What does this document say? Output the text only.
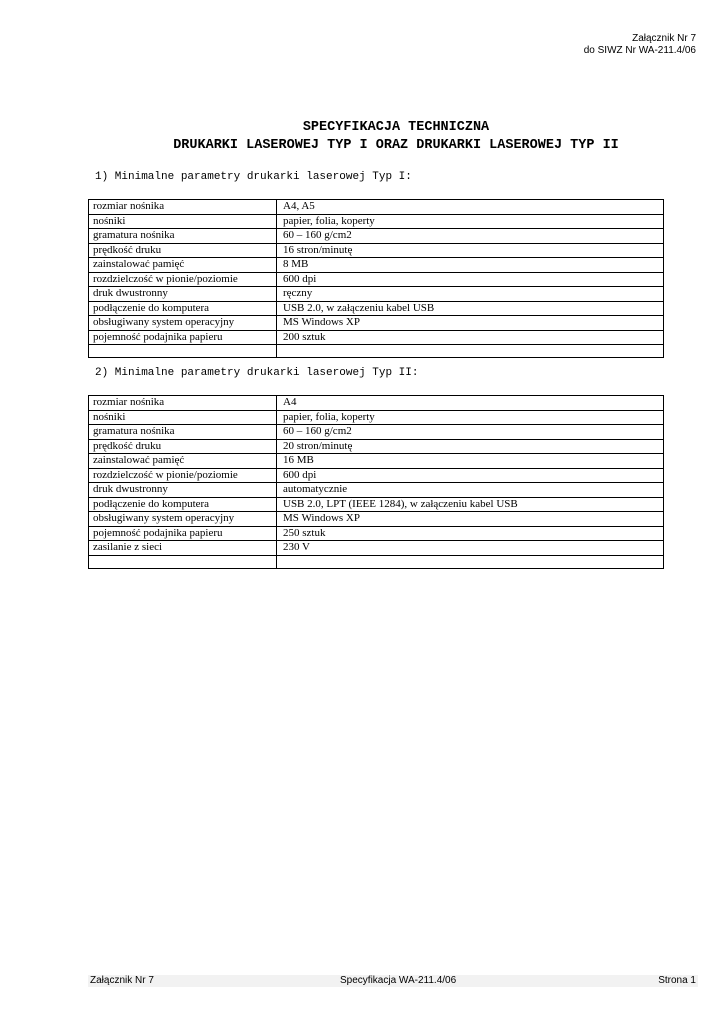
Załącznik Nr 7
do SIWZ Nr WA-211.4/06
SPECYFIKACJA TECHNICZNA
DRUKARKI LASEROWEJ TYP I ORAZ DRUKARKI LASEROWEJ TYP II
1) Minimalne parametry drukarki laserowej Typ I:
rozmiar nośnika	A4, A5
nośniki	papier, folia, koperty
gramatura nośnika	60 – 160 g/cm2
prędkość druku	16 stron/minutę
zainstalować pamięć	8 MB
rozdzielczość w pionie/poziomie	600 dpi
druk dwustronny	ręczny
podłączenie do komputera	USB 2.0, w załączeniu kabel USB
obsługiwany system operacyjny	MS Windows XP
pojemność podajnika papieru	200 sztuk

2) Minimalne parametry drukarki laserowej Typ II:
rozmiar nośnika	A4
nośniki	papier, folia, koperty
gramatura nośnika	60 – 160 g/cm2
prędkość druku	20 stron/minutę
zainstalować pamięć	16 MB
rozdzielczość w pionie/poziomie	600 dpi
druk dwustronny	automatycznie
podłączenie do komputera	USB 2.0, LPT (IEEE 1284), w załączeniu kabel USB
obsługiwany system operacyjny	MS Windows XP
pojemność podajnika papieru	250 sztuk
zasilanie z sieci	230 V

Załącznik Nr 7	Specyfikacja WA-211.4/06	Strona 1
